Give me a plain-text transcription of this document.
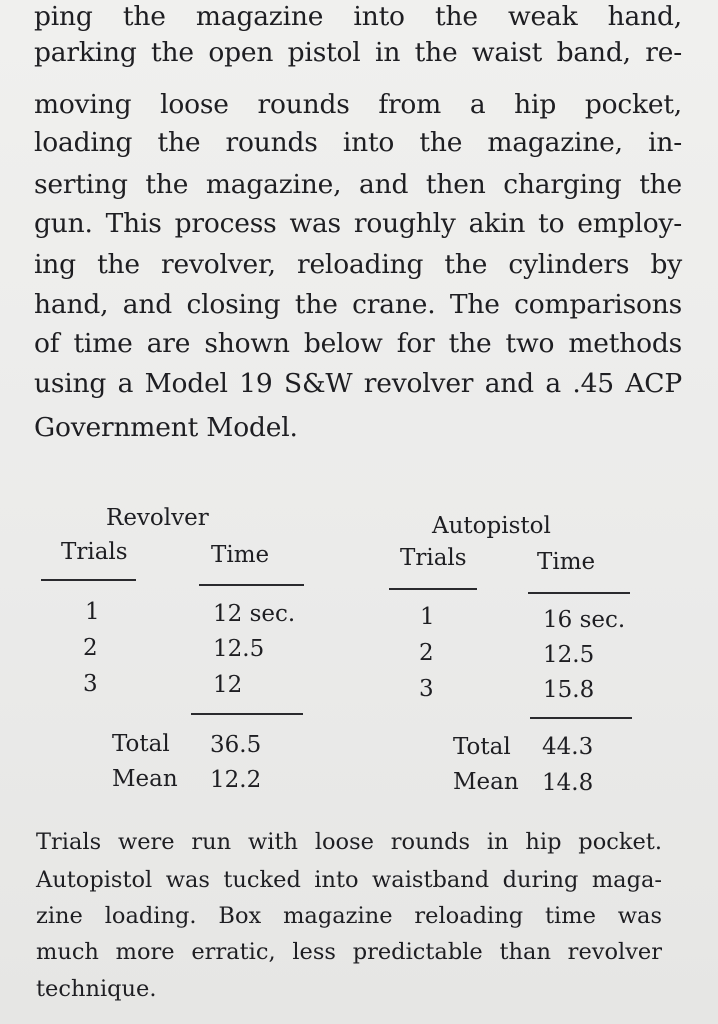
ping the magazine into the weak hand,
parking the open pistol in the waist band, re-
moving loose rounds from a hip pocket,
loading the rounds into the magazine, in-
serting the magazine, and then charging the
gun. This process was roughly akin to employ-
ing the revolver, reloading the cylinders by
hand, and closing the crane. The comparisons
of time are shown below for the two methods
using a Model 19 S&W revolver and a .45 ACP
Government Model.
Revolver
Trials	Time
1	12 sec.
2	12.5
3	12
Total 36.5
Mean 12.2
Autopistol
Trials	Time
1	16 sec.
2	12.5
3	15.8
Total 44.3
Mean 14.8
Trials were run with loose rounds in hip pocket.
Autopistol was tucked into waistband during maga-
zine loading. Box magazine reloading time was
much more erratic, less predictable than revolver
technique.
